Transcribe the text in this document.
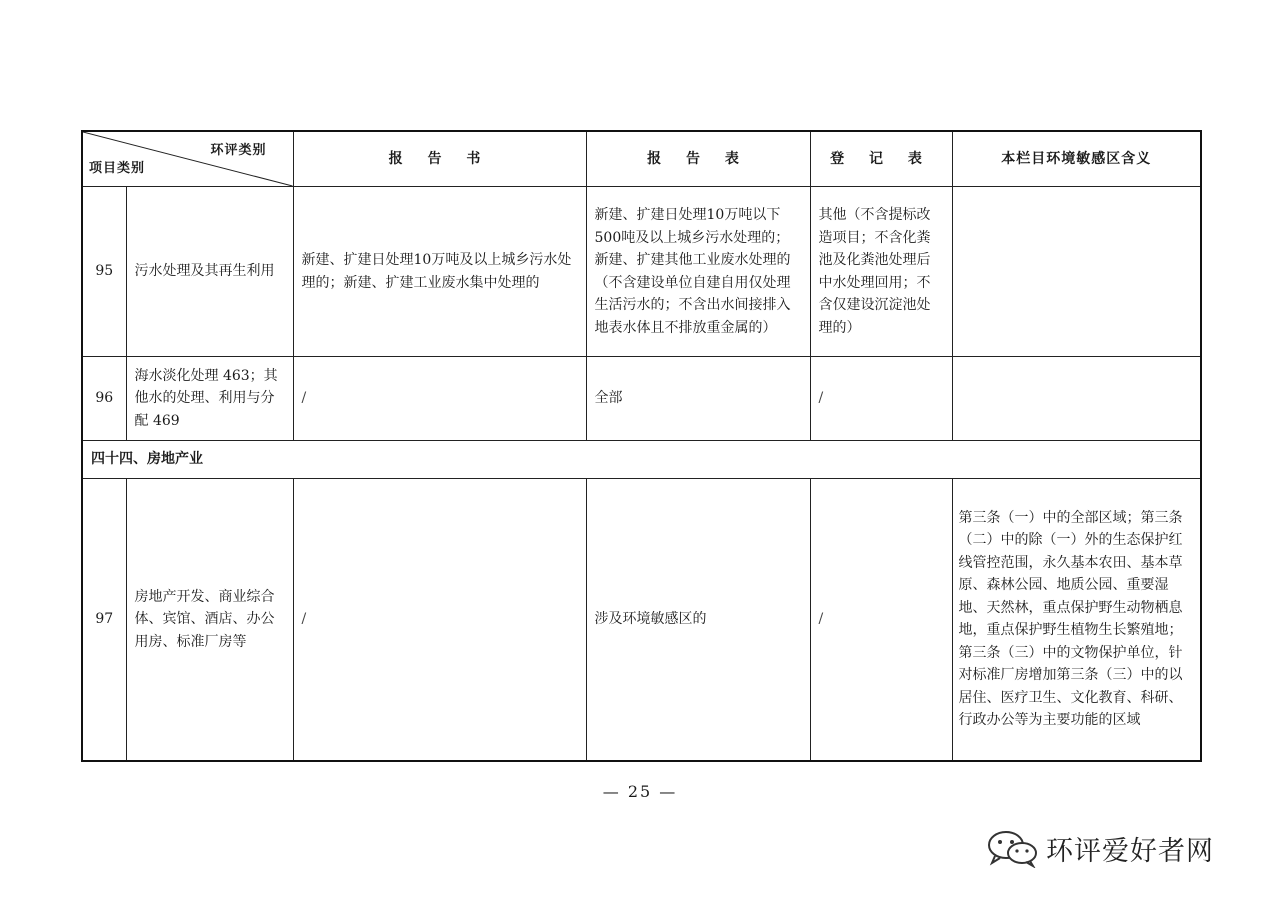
环评类别
项目类别		报 告 书	报 告 表	登 记 表	本栏目环境敏感区含义
95	污水处理及其再生利用	新建、扩建日处理10万吨及以上城乡污水处理的；新建、扩建工业废水集中处理的	新建、扩建日处理10万吨以下500吨及以上城乡污水处理的；新建、扩建其他工业废水处理的（不含建设单位自建自用仅处理生活污水的；不含出水间接排入地表水体且不排放重金属的）	其他（不含提标改造项目；不含化粪池及化粪池处理后中水处理回用；不含仅建设沉淀池处理的）	
96	海水淡化处理 463；其他水的处理、利用与分配 469	/	全部	/	
四十四、房地产业					
97	房地产开发、商业综合体、宾馆、酒店、办公用房、标准厂房等	/	涉及环境敏感区的	/	第三条（一）中的全部区域；第三条（二）中的除（一）外的生态保护红线管控范围，永久基本农田、基本草原、森林公园、地质公园、重要湿地、天然林，重点保护野生动物栖息地，重点保护野生植物生长繁殖地；第三条（三）中的文物保护单位，针对标准厂房增加第三条（三）中的以居住、医疗卫生、文化教育、科研、行政办公等为主要功能的区域
— 25 —
环评爱好者网
